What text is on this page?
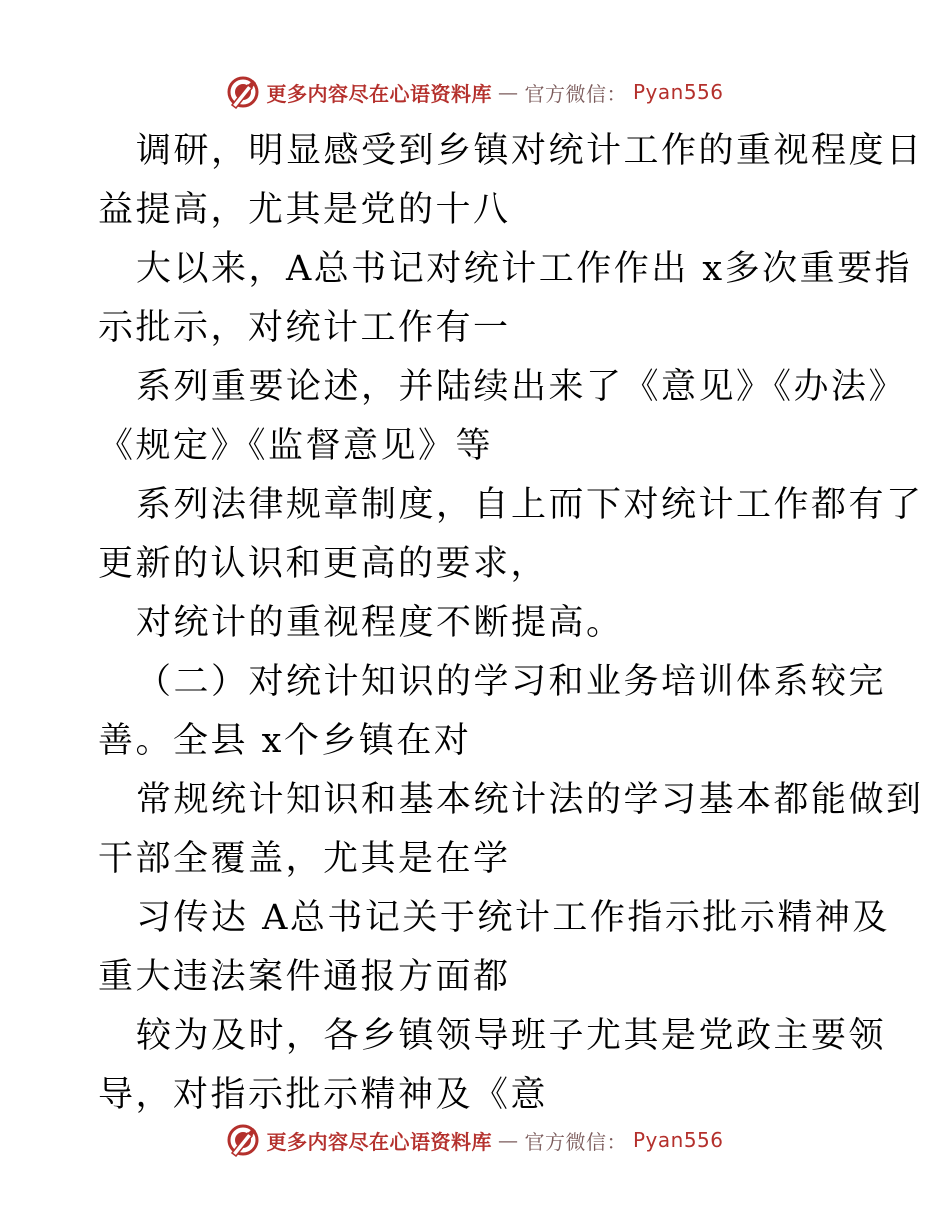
更多内容尽在心语资料库 — 官方微信： Pyan556
调研，明显感受到乡镇对统计工作的重视程度日
益提高，尤其是党的十八
大以来，A总书记对统计工作作出 x多次重要指
示批示，对统计工作有一
系列重要论述，并陆续出来了《意见》《办法》
《规定》《监督意见》等
系列法律规章制度，自上而下对统计工作都有了
更新的认识和更高的要求，
对统计的重视程度不断提高。
（二）对统计知识的学习和业务培训体系较完
善。全县 x个乡镇在对
常规统计知识和基本统计法的学习基本都能做到
干部全覆盖，尤其是在学
习传达 A总书记关于统计工作指示批示精神及
重大违法案件通报方面都
较为及时，各乡镇领导班子尤其是党政主要领
导，对指示批示精神及《意
更多内容尽在心语资料库 — 官方微信： Pyan556
